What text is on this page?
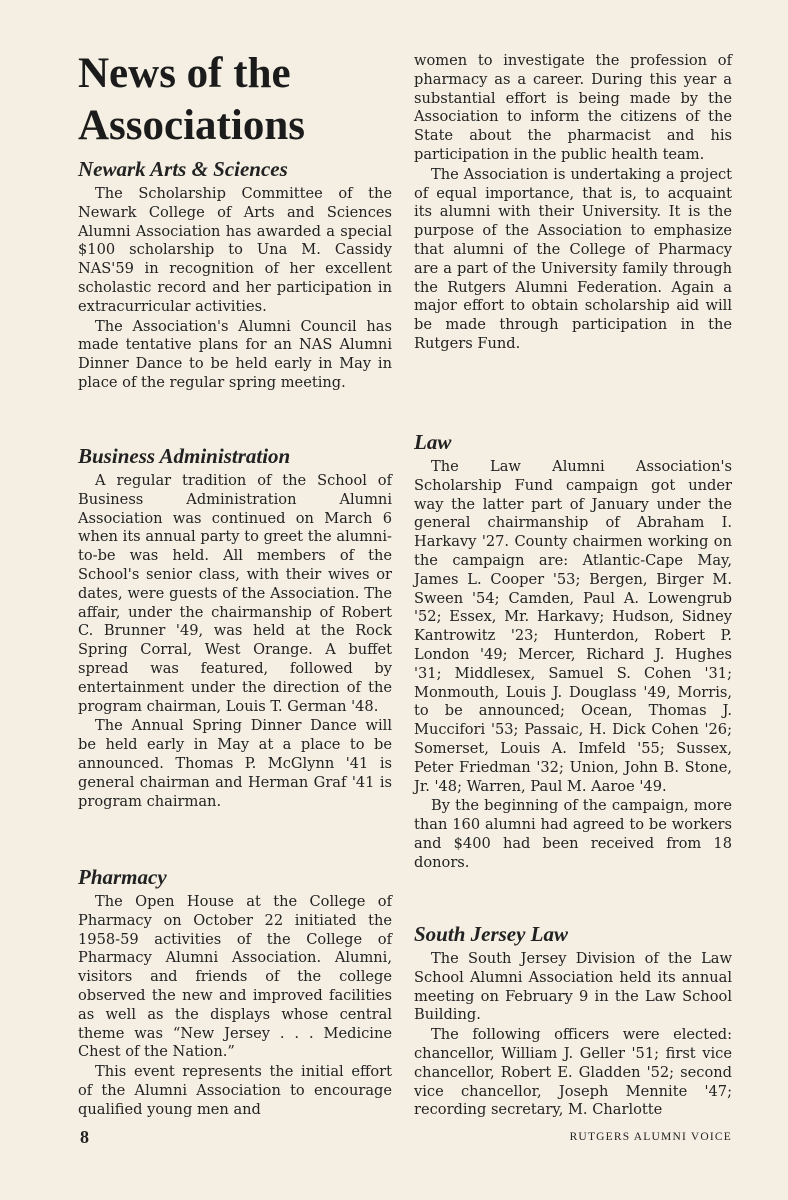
News of the
Associations
Newark Arts & Sciences

The Scholarship Committee of the Newark College of Arts and Sciences Alumni Association has awarded a special $100 scholarship to Una M. Cassidy NAS'59 in recognition of her excellent scholastic record and her participation in extracurricular activities.

The Association's Alumni Council has made tentative plans for an NAS Alumni Dinner Dance to be held early in May in place of the regular spring meeting.

Business Administration

A regular tradition of the School of Business Administration Alumni Association was continued on March 6 when its annual party to greet the alumni-to-be was held. All members of the School's senior class, with their wives or dates, were guests of the Association. The affair, under the chairmanship of Robert C. Brunner '49, was held at the Rock Spring Corral, West Orange. A buffet spread was featured, followed by entertainment under the direction of the program chairman, Louis T. German '48.

The Annual Spring Dinner Dance will be held early in May at a place to be announced. Thomas P. McGlynn '41 is general chairman and Herman Graf '41 is program chairman.

Pharmacy

The Open House at the College of Pharmacy on October 22 initiated the 1958-59 activities of the College of Pharmacy Alumni Association. Alumni, visitors and friends of the college observed the new and improved facilities as well as the displays whose central theme was “New Jersey . . . Medicine Chest of the Nation.”

This event represents the initial effort of the Alumni Association to encourage qualified young men and

women to investigate the profession of pharmacy as a career. During this year a substantial effort is being made by the Association to inform the citizens of the State about the pharmacist and his participation in the public health team.

The Association is undertaking a project of equal importance, that is, to acquaint its alumni with their University. It is the purpose of the Association to emphasize that alumni of the College of Pharmacy are a part of the University family through the Rutgers Alumni Federation. Again a major effort to obtain scholarship aid will be made through participation in the Rutgers Fund.

Law

The Law Alumni Association's Scholarship Fund campaign got under way the latter part of January under the general chairmanship of Abraham I. Harkavy '27. County chairmen working on the campaign are: Atlantic-Cape May, James L. Cooper '53; Bergen, Birger M. Sween '54; Camden, Paul A. Lowengrub '52; Essex, Mr. Harkavy; Hudson, Sidney Kantrowitz '23; Hunterdon, Robert P. London '49; Mercer, Richard J. Hughes '31; Middlesex, Samuel S. Cohen '31; Monmouth, Louis J. Douglass '49, Morris, to be announced; Ocean, Thomas J. Muccifori '53; Passaic, H. Dick Cohen '26; Somerset, Louis A. Imfeld '55; Sussex, Peter Friedman '32; Union, John B. Stone, Jr. '48; Warren, Paul M. Aaroe '49.

By the beginning of the campaign, more than 160 alumni had agreed to be workers and $400 had been received from 18 donors.

South Jersey Law

The South Jersey Division of the Law School Alumni Association held its annual meeting on February 9 in the Law School Building.

The following officers were elected: chancellor, William J. Geller '51; first vice chancellor, Robert E. Gladden '52; second vice chancellor, Joseph Mennite '47; recording secretary, M. Charlotte

8	RUTGERS ALUMNI VOICE
